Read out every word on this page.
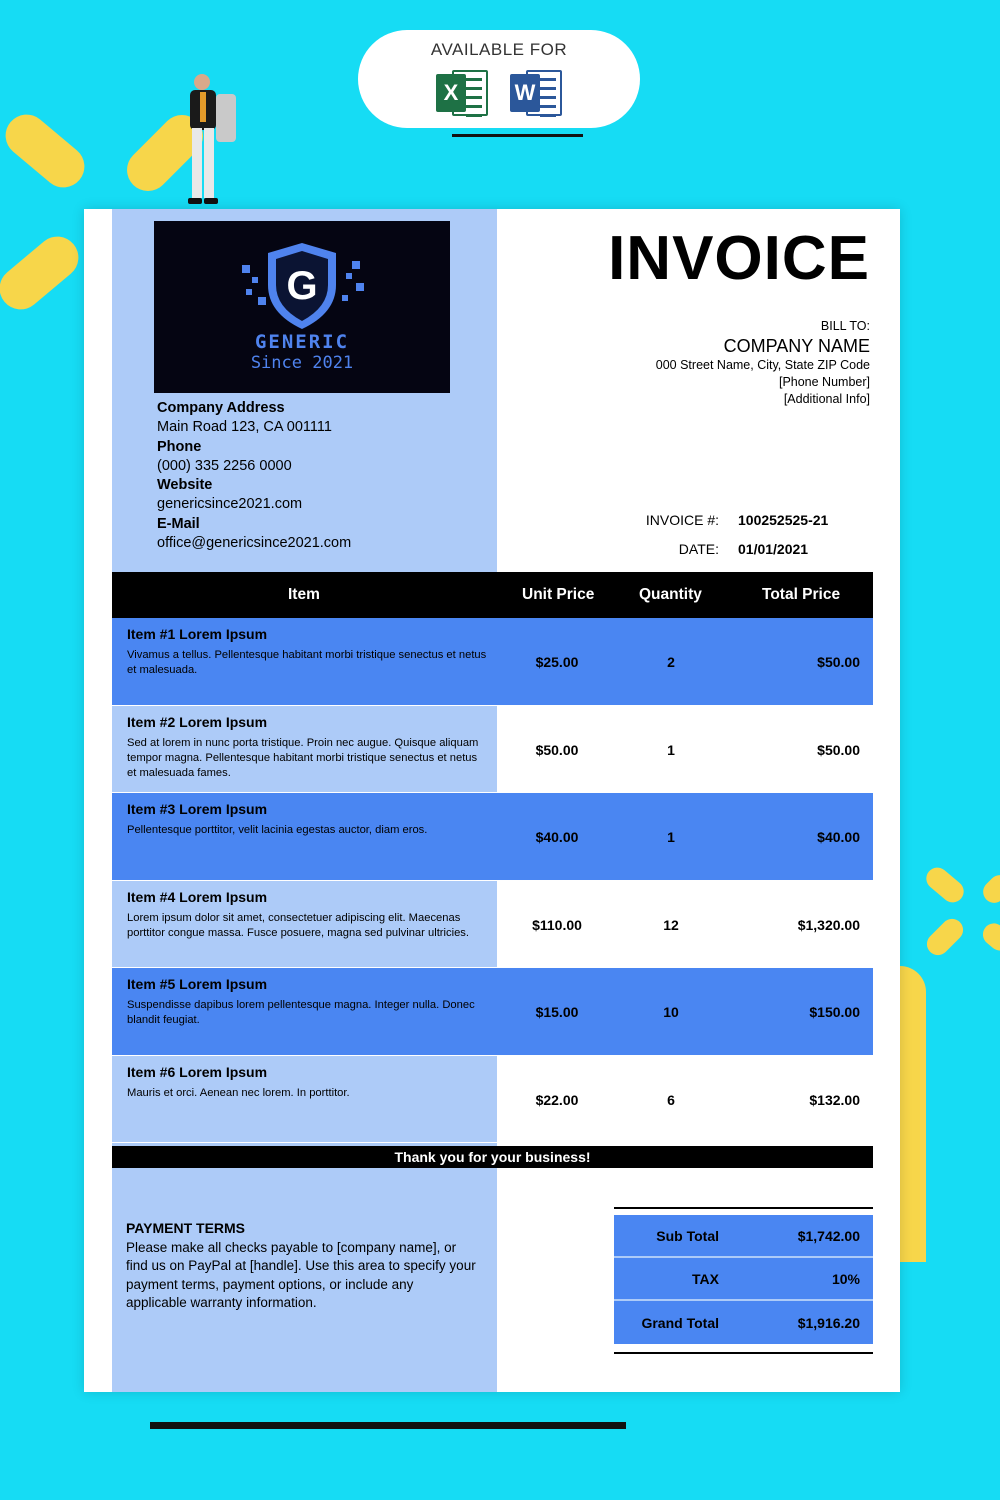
AVAILABLE FOR
X	W
G
GENERIC
Since 2021
Company Address
Main Road 123, CA 001111
Phone
(000) 335 2256 0000
Website
genericsince2021.com
E-Mail
office@genericsince2021.com
INVOICE
BILL TO:
COMPANY NAME
000 Street Name, City, State ZIP Code
[Phone Number]
[Additional Info]
INVOICE #: 100252525-21
DATE: 01/01/2021
Item	Unit Price	Quantity	Total Price
Item #1 Lorem Ipsum
Vivamus a tellus. Pellentesque habitant morbi tristique senectus et netus et malesuada.
$25.00	2	$50.00
Item #2 Lorem Ipsum
Sed at lorem in nunc porta tristique. Proin nec augue. Quisque aliquam tempor magna. Pellentesque habitant morbi tristique senectus et netus et malesuada fames.
$50.00	1	$50.00
Item #3 Lorem Ipsum
Pellentesque porttitor, velit lacinia egestas auctor, diam eros.	$40.00	1	$40.00
Item #4 Lorem Ipsum
Lorem ipsum dolor sit amet, consectetuer adipiscing elit. Maecenas porttitor congue massa. Fusce posuere, magna sed pulvinar ultricies.
$110.00	12	$1,320.00
Item #5 Lorem Ipsum
Suspendisse dapibus lorem pellentesque magna. Integer nulla. Donec blandit feugiat.
$15.00	10	$150.00
Item #6 Lorem Ipsum
Mauris et orci. Aenean nec lorem. In porttitor.	$22.00	6	$132.00
Thank you for your business!
PAYMENT TERMS
Please make all checks payable to [company name], or find us on PayPal at [handle]. Use this area to specify your payment terms, payment options, or include any applicable warranty information.
Sub Total	$1,742.00
TAX	10%
Grand Total	$1,916.20
